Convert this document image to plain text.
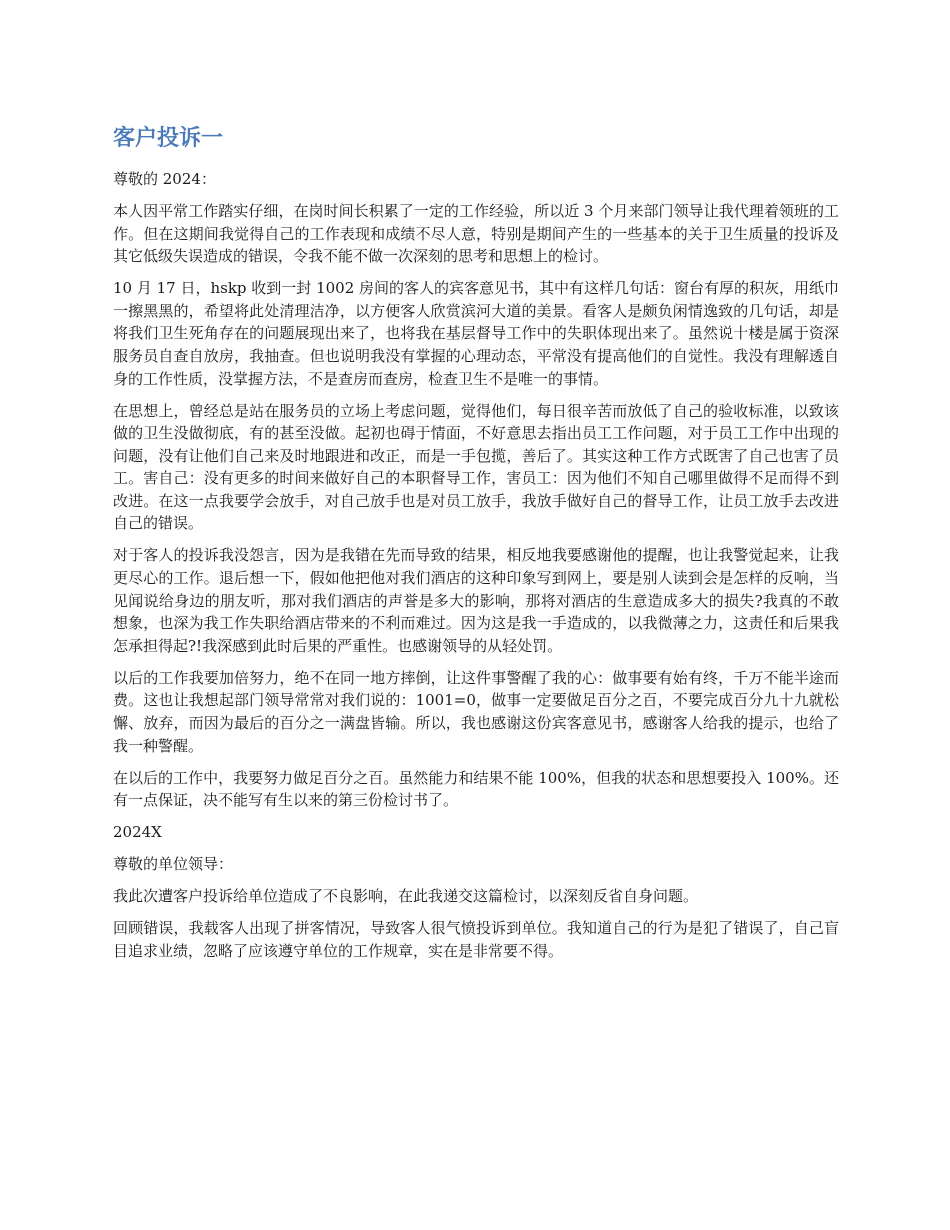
客户投诉一

尊敬的 2024：

本人因平常工作踏实仔细，在岗时间长积累了一定的工作经验，所以近 3 个月来部门领导让我代理着领班的工作。但在这期间我觉得自己的工作表现和成绩不尽人意，特别是期间产生的一些基本的关于卫生质量的投诉及其它低级失误造成的错误，令我不能不做一次深刻的思考和思想上的检讨。

10 月 17 日，hskp 收到一封 1002 房间的客人的宾客意见书，其中有这样几句话：窗台有厚的积灰，用纸巾一擦黑黑的，希望将此处清理洁净，以方便客人欣赏滨河大道的美景。看客人是颇负闲情逸致的几句话，却是将我们卫生死角存在的问题展现出来了，也将我在基层督导工作中的失职体现出来了。虽然说十楼是属于资深服务员自查自放房，我抽查。但也说明我没有掌握的心理动态，平常没有提高他们的自觉性。我没有理解透自身的工作性质，没掌握方法，不是查房而查房，检查卫生不是唯一的事情。

在思想上，曾经总是站在服务员的立场上考虑问题，觉得他们，每日很辛苦而放低了自己的验收标准，以致该做的卫生没做彻底，有的甚至没做。起初也碍于情面，不好意思去指出员工工作问题，对于员工工作中出现的问题，没有让他们自己来及时地跟进和改正，而是一手包揽，善后了。其实这种工作方式既害了自己也害了员工。害自己：没有更多的时间来做好自己的本职督导工作，害员工：因为他们不知自己哪里做得不足而得不到改进。在这一点我要学会放手，对自己放手也是对员工放手，我放手做好自己的督导工作，让员工放手去改进自己的错误。

对于客人的投诉我没怨言，因为是我错在先而导致的结果，相反地我要感谢他的提醒，也让我警觉起来，让我更尽心的工作。退后想一下，假如他把他对我们酒店的这种印象写到网上，要是别人读到会是怎样的反响，当见闻说给身边的朋友听，那对我们酒店的声誉是多大的影响，那将对酒店的生意造成多大的损失?我真的不敢想象，也深为我工作失职给酒店带来的不利而难过。因为这是我一手造成的，以我微薄之力，这责任和后果我怎承担得起?!我深感到此时后果的严重性。也感谢领导的从轻处罚。

以后的工作我要加倍努力，绝不在同一地方摔倒，让这件事警醒了我的心：做事要有始有终，千万不能半途而费。这也让我想起部门领导常常对我们说的：1001=0，做事一定要做足百分之百，不要完成百分九十九就松懈、放弃，而因为最后的百分之一满盘皆输。所以，我也感谢这份宾客意见书，感谢客人给我的提示，也给了我一种警醒。

在以后的工作中，我要努力做足百分之百。虽然能力和结果不能 100%，但我的状态和思想要投入 100%。还有一点保证，决不能写有生以来的第三份检讨书了。

2024X

尊敬的单位领导：

我此次遭客户投诉给单位造成了不良影响，在此我递交这篇检讨，以深刻反省自身问题。

回顾错误，我载客人出现了拼客情况，导致客人很气愤投诉到单位。我知道自己的行为是犯了错误了，自己盲目追求业绩，忽略了应该遵守单位的工作规章，实在是非常要不得。
